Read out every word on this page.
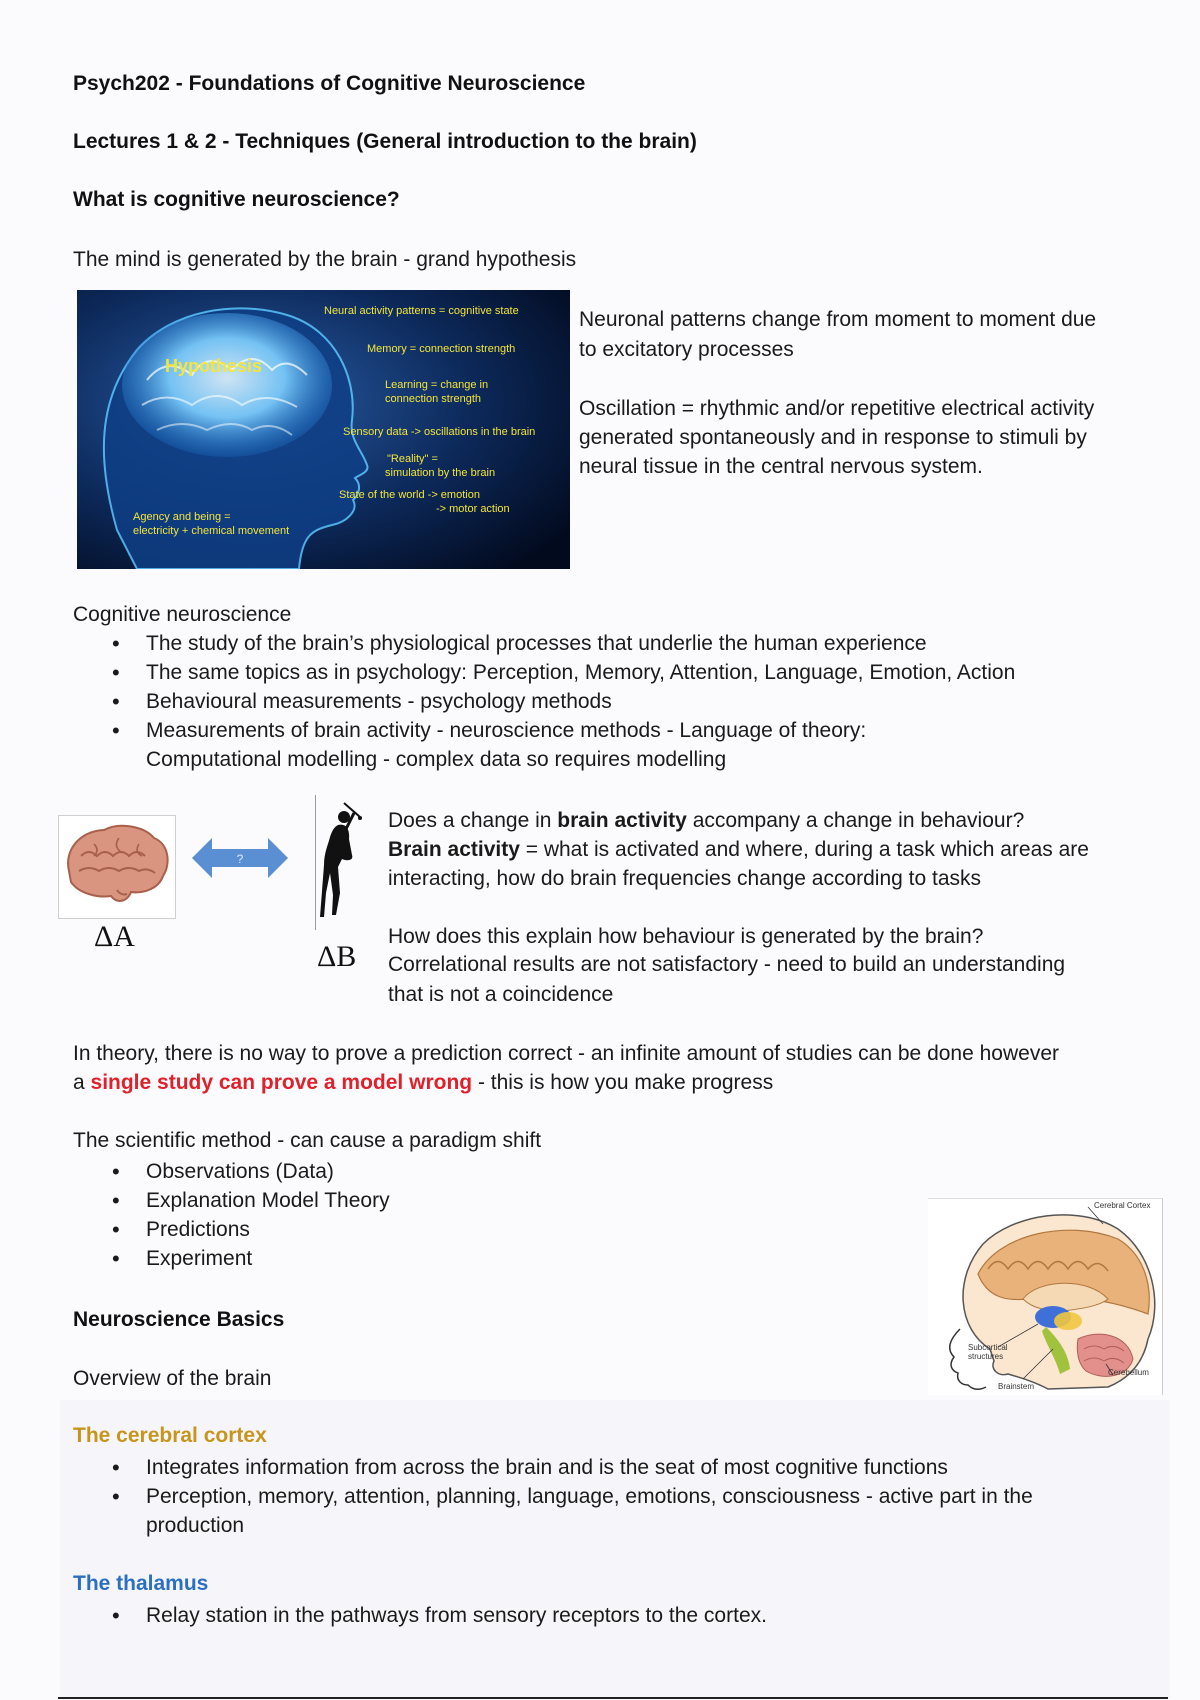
Psych202 - Foundations of Cognitive Neuroscience
Lectures 1 & 2 - Techniques (General introduction to the brain)
What is cognitive neuroscience?
The mind is generated by the brain - grand hypothesis
Hypothesis
Neural activity patterns = cognitive state
Memory = connection strength
Learning = change in
connection strength
Sensory data -> oscillations in the brain
"Reality" =
simulation by the brain
State of the world -> emotion
-> motor action
Agency and being =
electricity + chemical movement
Neuronal patterns change from moment to moment due
to excitatory processes
Oscillation = rhythmic and/or repetitive electrical activity
generated spontaneously and in response to stimuli by
neural tissue in the central nervous system.
Cognitive neuroscience
• The study of the brain’s physiological processes that underlie the human experience
• The same topics as in psychology: Perception, Memory, Attention, Language, Emotion, Action
• Behavioural measurements - psychology methods
• Measurements of brain activity - neuroscience methods - Language of theory: Computational modelling - complex data so requires modelling
ΔA
?
ΔB
Does a change in brain activity accompany a change in behaviour?
Brain activity = what is activated and where, during a task which areas are
interacting, how do brain frequencies change according to tasks
How does this explain how behaviour is generated by the brain?
Correlational results are not satisfactory - need to build an understanding
that is not a coincidence
In theory, there is no way to prove a prediction correct - an infinite amount of studies can be done however
a single study can prove a model wrong - this is how you make progress
The scientific method - can cause a paradigm shift
• Observations (Data)
• Explanation Model Theory
• Predictions
• Experiment
Neuroscience Basics
Overview of the brain
Cerebral Cortex
Subcortical
structures
Cerebellum
Brainstem
The cerebral cortex
• Integrates information from across the brain and is the seat of most cognitive functions
• Perception, memory, attention, planning, language, emotions, consciousness - active part in the production
The thalamus
• Relay station in the pathways from sensory receptors to the cortex.
